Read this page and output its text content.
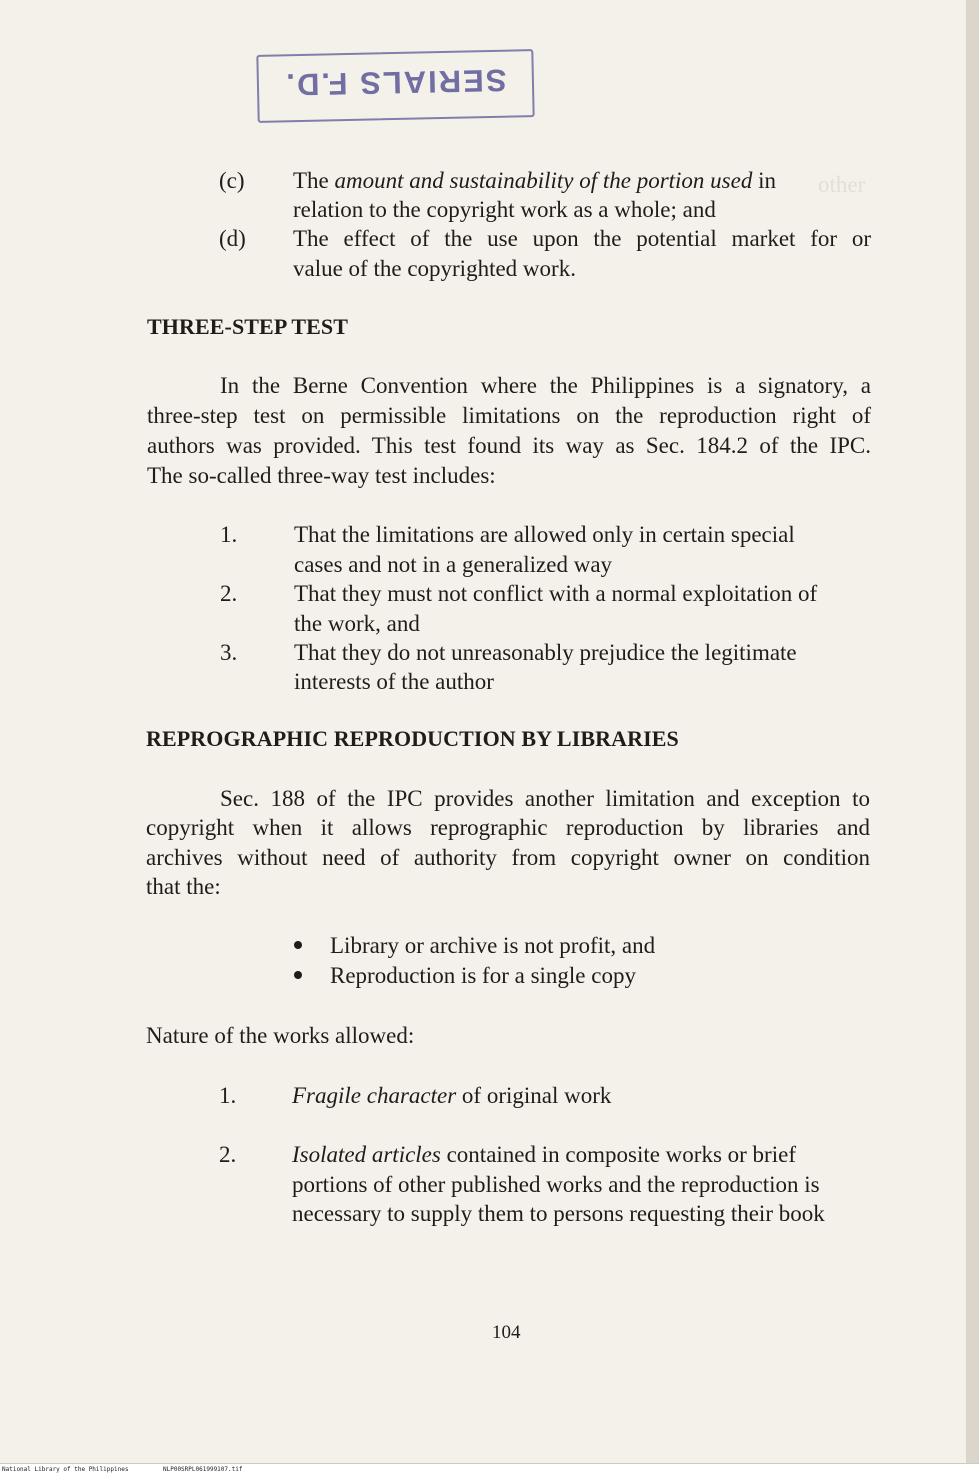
other
SERIALS F.D.
(c) The amount and sustainability of the portion used in
relation to the copyright work as a whole; and
(d) The effect of the use upon the potential market for or
value of the copyrighted work.
THREE-STEP TEST
In the Berne Convention where the Philippines is a signatory, a
three-step test on permissible limitations on the reproduction right of
authors was provided. This test found its way as Sec. 184.2 of the IPC.
The so-called three-way test includes:
1. That the limitations are allowed only in certain special
cases and not in a generalized way
2. That they must not conflict with a normal exploitation of
the work, and
3. That they do not unreasonably prejudice the legitimate
interests of the author
REPROGRAPHIC REPRODUCTION BY LIBRARIES
Sec. 188 of the IPC provides another limitation and exception to
copyright when it allows reprographic reproduction by libraries and
archives without need of authority from copyright owner on condition
that the:
Library or archive is not profit, and
Reproduction is for a single copy
Nature of the works allowed:
1. Fragile character of original work
2. Isolated articles contained in composite works or brief
portions of other published works and the reproduction is
necessary to supply them to persons requesting their book
104
National Library of the Philippines	NLP00SRPL061999107.tif
